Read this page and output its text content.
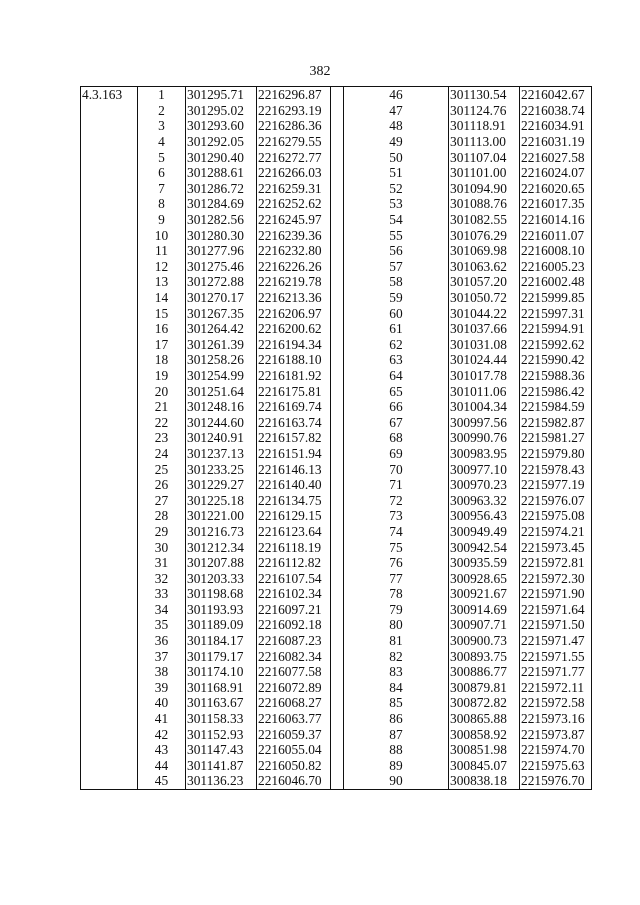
382
4.3.163	1	301295.71	2216296.87		46	301130.54	2216042.67
	2	301295.02	2216293.19		47	301124.76	2216038.74
	3	301293.60	2216286.36		48	301118.91	2216034.91
	4	301292.05	2216279.55		49	301113.00	2216031.19
	5	301290.40	2216272.77		50	301107.04	2216027.58
	6	301288.61	2216266.03		51	301101.00	2216024.07
	7	301286.72	2216259.31		52	301094.90	2216020.65
	8	301284.69	2216252.62		53	301088.76	2216017.35
	9	301282.56	2216245.97		54	301082.55	2216014.16
	10	301280.30	2216239.36		55	301076.29	2216011.07
	11	301277.96	2216232.80		56	301069.98	2216008.10
	12	301275.46	2216226.26		57	301063.62	2216005.23
	13	301272.88	2216219.78		58	301057.20	2216002.48
	14	301270.17	2216213.36		59	301050.72	2215999.85
	15	301267.35	2216206.97		60	301044.22	2215997.31
	16	301264.42	2216200.62		61	301037.66	2215994.91
	17	301261.39	2216194.34		62	301031.08	2215992.62
	18	301258.26	2216188.10		63	301024.44	2215990.42
	19	301254.99	2216181.92		64	301017.78	2215988.36
	20	301251.64	2216175.81		65	301011.06	2215986.42
	21	301248.16	2216169.74		66	301004.34	2215984.59
	22	301244.60	2216163.74		67	300997.56	2215982.87
	23	301240.91	2216157.82		68	300990.76	2215981.27
	24	301237.13	2216151.94		69	300983.95	2215979.80
	25	301233.25	2216146.13		70	300977.10	2215978.43
	26	301229.27	2216140.40		71	300970.23	2215977.19
	27	301225.18	2216134.75		72	300963.32	2215976.07
	28	301221.00	2216129.15		73	300956.43	2215975.08
	29	301216.73	2216123.64		74	300949.49	2215974.21
	30	301212.34	2216118.19		75	300942.54	2215973.45
	31	301207.88	2216112.82		76	300935.59	2215972.81
	32	301203.33	2216107.54		77	300928.65	2215972.30
	33	301198.68	2216102.34		78	300921.67	2215971.90
	34	301193.93	2216097.21		79	300914.69	2215971.64
	35	301189.09	2216092.18		80	300907.71	2215971.50
	36	301184.17	2216087.23		81	300900.73	2215971.47
	37	301179.17	2216082.34		82	300893.75	2215971.55
	38	301174.10	2216077.58		83	300886.77	2215971.77
	39	301168.91	2216072.89		84	300879.81	2215972.11
	40	301163.67	2216068.27		85	300872.82	2215972.58
	41	301158.33	2216063.77		86	300865.88	2215973.16
	42	301152.93	2216059.37		87	300858.92	2215973.87
	43	301147.43	2216055.04		88	300851.98	2215974.70
	44	301141.87	2216050.82		89	300845.07	2215975.63
	45	301136.23	2216046.70		90	300838.18	2215976.70
